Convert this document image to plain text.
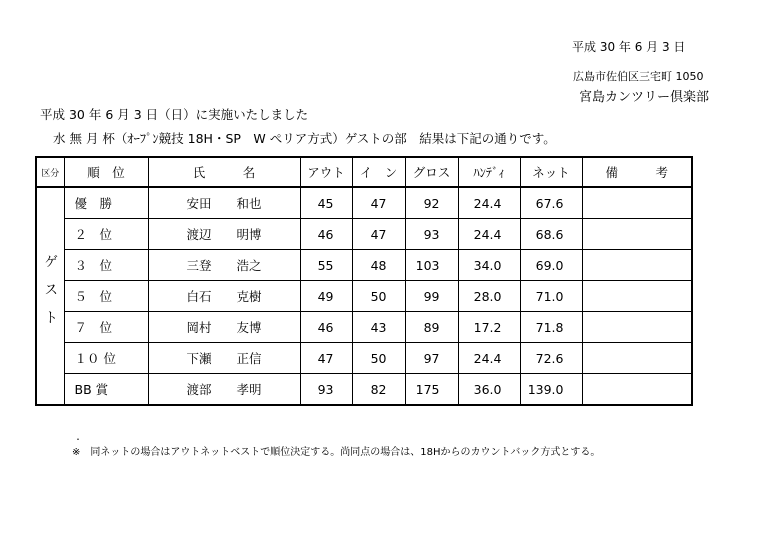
平成 30 年 6 月 3 日
広島市佐伯区三宅町 1050
宮島カンツリー倶楽部
平成 30 年 6 月 3 日（日）に実施いたしました
水 無 月 杯（ｵｰﾌﾟﾝ競技 18H・SP　W ぺリア方式）ゲストの部　結果は下記の通りです。
区分	順　位	氏　　　名	アウト	イ　ン	グロス	ﾊﾝﾃﾞｨ	ネット	備　　　考
ゲスト	優　勝	安田　　和也	45	47	92	24.4	67.6	
	２　位	渡辺　　明博	46	47	93	24.4	68.6	
	３　位	三登　　浩之	55	48	103	34.0	69.0	
	５　位	白石　　克樹	49	50	99	28.0	71.0	
	７　位	岡村　　友博	46	43	89	17.2	71.8	
	１０ 位	下瀬　　正信	47	50	97	24.4	72.6	
	BB 賞	渡部　　孝明	93	82	175	36.0	139.0	
・
※　同ネットの場合はアウトネットベストで順位決定する。尚同点の場合は、18Hからのカウントバック方式とする。
